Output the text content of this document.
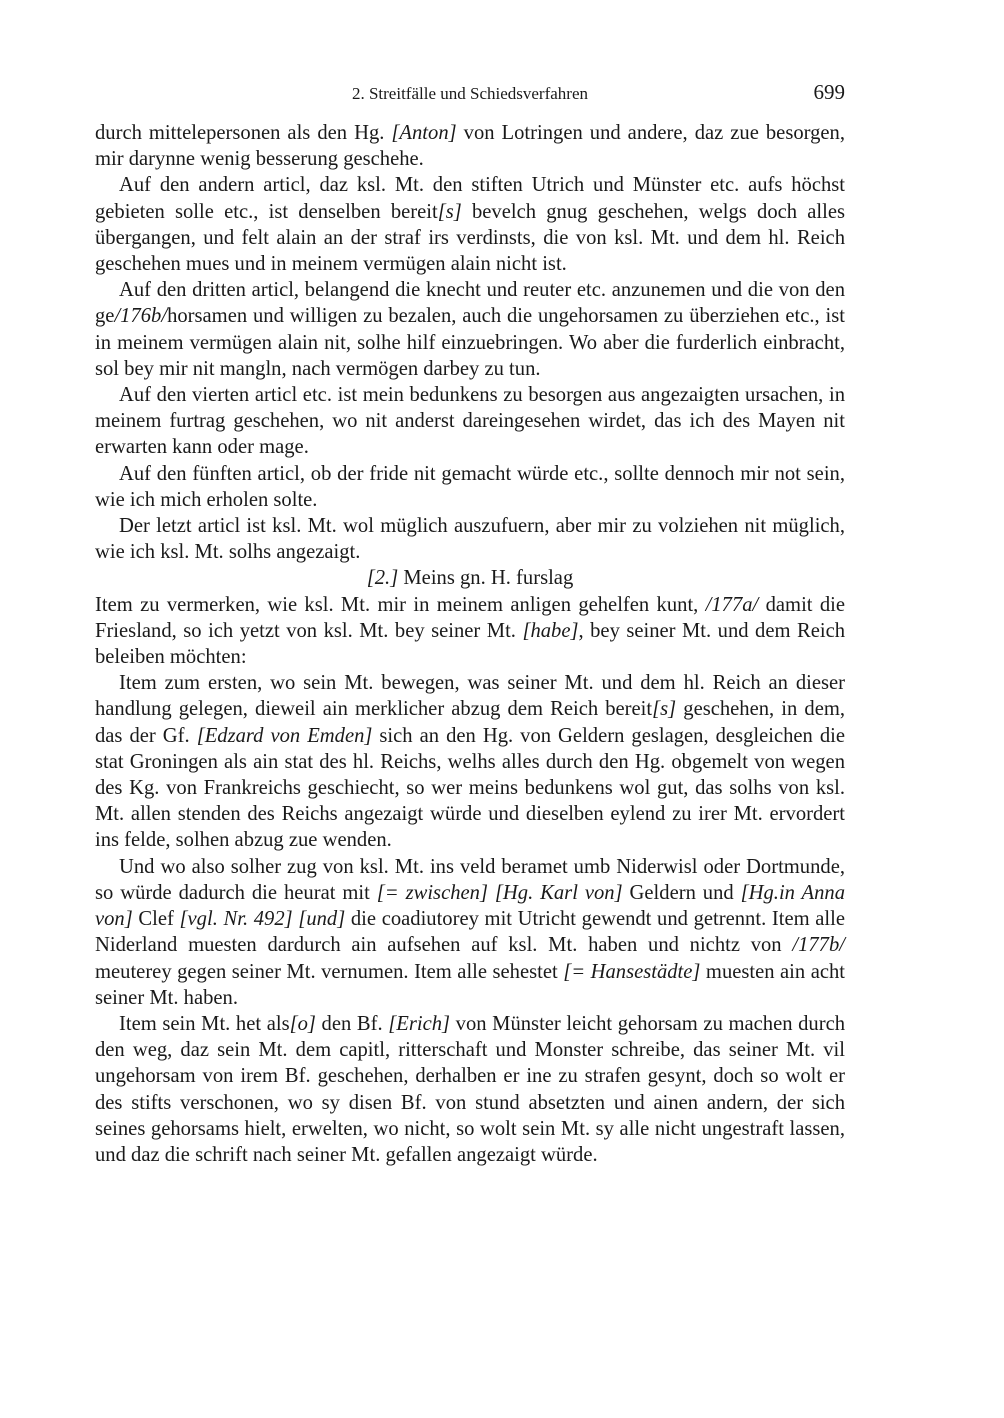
2. Streitfälle und Schiedsverfahren	699

durch mittelepersonen als den Hg. [Anton] von Lotringen und andere, daz zue besorgen, mir darynne wenig besserung geschehe.

Auf den andern articl, daz ksl. Mt. den stiften Utrich und Münster etc. aufs höchst gebieten solle etc., ist denselben bereit[s] bevelch gnug geschehen, welgs doch alles übergangen, und felt alain an der straf irs verdinsts, die von ksl. Mt. und dem hl. Reich geschehen mues und in meinem vermügen alain nicht ist.

Auf den dritten articl, belangend die knecht und reuter etc. anzunemen und die von den ge/176b/horsamen und willigen zu bezalen, auch die ungehorsamen zu überziehen etc., ist in meinem vermügen alain nit, solhe hilf einzuebringen. Wo aber die furderlich einbracht, sol bey mir nit mangln, nach vermögen darbey zu tun.

Auf den vierten articl etc. ist mein bedunkens zu besorgen aus angezaigten ursachen, in meinem furtrag geschehen, wo nit anderst dareingesehen wirdet, das ich des Mayen nit erwarten kann oder mage.

Auf den fünften articl, ob der fride nit gemacht würde etc., sollte dennoch mir not sein, wie ich mich erholen solte.

Der letzt articl ist ksl. Mt. wol müglich auszufuern, aber mir zu volziehen nit müglich, wie ich ksl. Mt. solhs angezaigt.

[2.] Meins gn. H. furslag

Item zu vermerken, wie ksl. Mt. mir in meinem anligen gehelfen kunt, /177a/ damit die Friesland, so ich yetzt von ksl. Mt. bey seiner Mt. [habe], bey seiner Mt. und dem Reich beleiben möchten:

Item zum ersten, wo sein Mt. bewegen, was seiner Mt. und dem hl. Reich an dieser handlung gelegen, dieweil ain merklicher abzug dem Reich bereit[s] geschehen, in dem, das der Gf. [Edzard von Emden] sich an den Hg. von Geldern geslagen, desgleichen die stat Groningen als ain stat des hl. Reichs, welhs alles durch den Hg. obgemelt von wegen des Kg. von Frankreichs geschiecht, so wer meins bedunkens wol gut, das solhs von ksl. Mt. allen stenden des Reichs angezaigt würde und dieselben eylend zu irer Mt. ervordert ins felde, solhen abzug zue wenden.

Und wo also solher zug von ksl. Mt. ins veld beramet umb Niderwisl oder Dortmunde, so würde dadurch die heurat mit [= zwischen] [Hg. Karl von] Geldern und [Hg.in Anna von] Clef [vgl. Nr. 492] [und] die coadiutorey mit Utricht gewendt und getrennt. Item alle Niderland muesten dardurch ain aufsehen auf ksl. Mt. haben und nichtz von /177b/ meuterey gegen seiner Mt. vernumen. Item alle sehestet [= Hansestädte] muesten ain acht seiner Mt. haben.

Item sein Mt. het als[o] den Bf. [Erich] von Münster leicht gehorsam zu machen durch den weg, daz sein Mt. dem capitl, ritterschaft und Monster schreibe, das seiner Mt. vil ungehorsam von irem Bf. geschehen, derhalben er ine zu strafen gesynt, doch so wolt er des stifts verschonen, wo sy disen Bf. von stund absetzten und ainen andern, der sich seines gehorsams hielt, erwelten, wo nicht, so wolt sein Mt. sy alle nicht ungestraft lassen, und daz die schrift nach seiner Mt. gefallen angezaigt würde.
